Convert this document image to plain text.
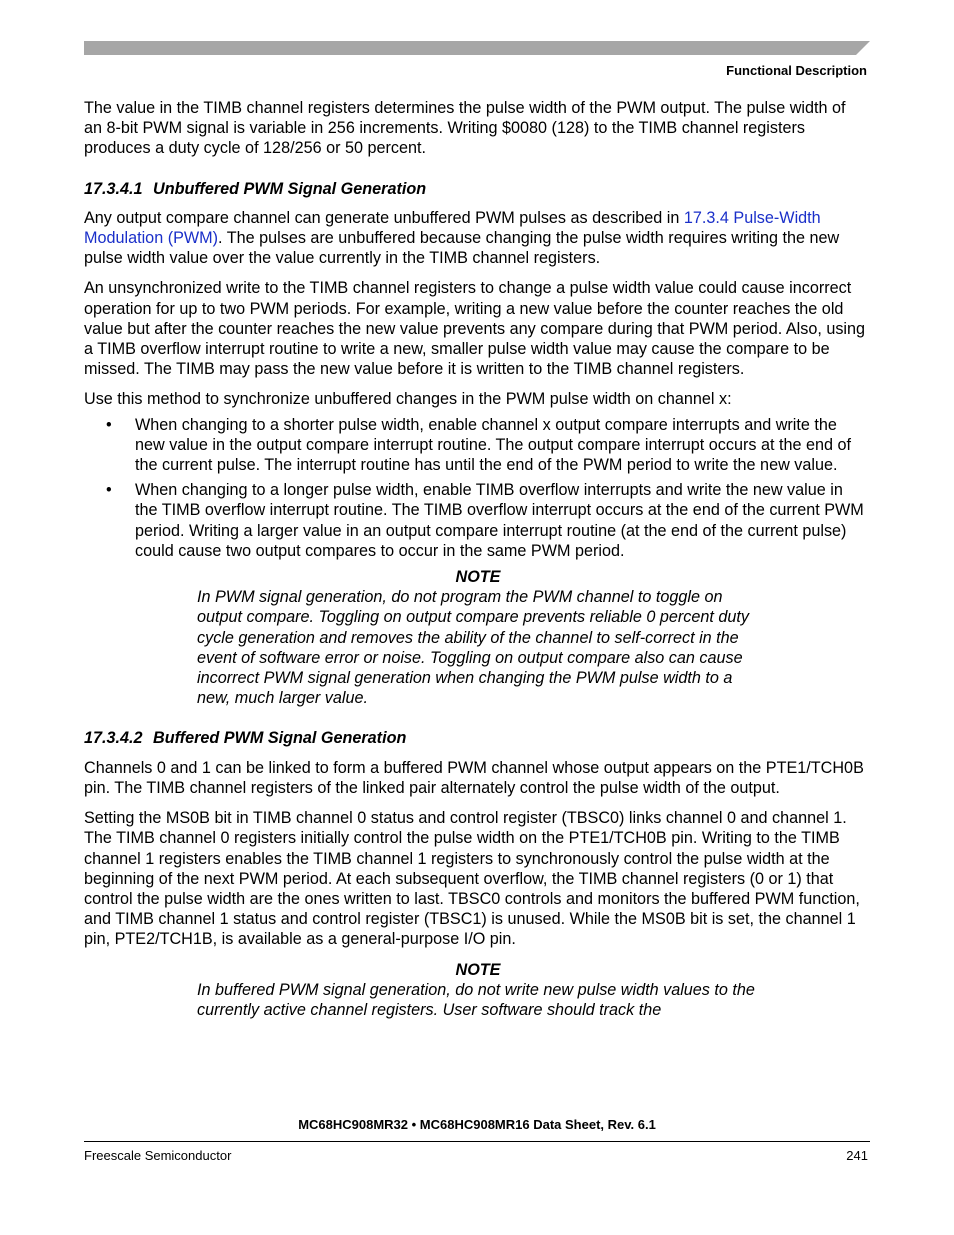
Functional Description

The value in the TIMB channel registers determines the pulse width of the PWM output. The pulse width of an 8-bit PWM signal is variable in 256 increments. Writing $0080 (128) to the TIMB channel registers produces a duty cycle of 128/256 or 50 percent.

17.3.4.1 Unbuffered PWM Signal Generation

Any output compare channel can generate unbuffered PWM pulses as described in 17.3.4 Pulse-Width Modulation (PWM). The pulses are unbuffered because changing the pulse width requires writing the new pulse width value over the value currently in the TIMB channel registers.

An unsynchronized write to the TIMB channel registers to change a pulse width value could cause incorrect operation for up to two PWM periods. For example, writing a new value before the counter reaches the old value but after the counter reaches the new value prevents any compare during that PWM period. Also, using a TIMB overflow interrupt routine to write a new, smaller pulse width value may cause the compare to be missed. The TIMB may pass the new value before it is written to the TIMB channel registers.

Use this method to synchronize unbuffered changes in the PWM pulse width on channel x:

• When changing to a shorter pulse width, enable channel x output compare interrupts and write the new value in the output compare interrupt routine. The output compare interrupt occurs at the end of the current pulse. The interrupt routine has until the end of the PWM period to write the new value.
• When changing to a longer pulse width, enable TIMB overflow interrupts and write the new value in the TIMB overflow interrupt routine. The TIMB overflow interrupt occurs at the end of the current PWM period. Writing a larger value in an output compare interrupt routine (at the end of the current pulse) could cause two output compares to occur in the same PWM period.
NOTE
In PWM signal generation, do not program the PWM channel to toggle on output compare. Toggling on output compare prevents reliable 0 percent duty cycle generation and removes the ability of the channel to self-correct in the event of software error or noise. Toggling on output compare also can cause incorrect PWM signal generation when changing the PWM pulse width to a new, much larger value.
17.3.4.2 Buffered PWM Signal Generation

Channels 0 and 1 can be linked to form a buffered PWM channel whose output appears on the PTE1/TCH0B pin. The TIMB channel registers of the linked pair alternately control the pulse width of the output.

Setting the MS0B bit in TIMB channel 0 status and control register (TBSC0) links channel 0 and channel 1. The TIMB channel 0 registers initially control the pulse width on the PTE1/TCH0B pin. Writing to the TIMB channel 1 registers enables the TIMB channel 1 registers to synchronously control the pulse width at the beginning of the next PWM period. At each subsequent overflow, the TIMB channel registers (0 or 1) that control the pulse width are the ones written to last. TBSC0 controls and monitors the buffered PWM function, and TIMB channel 1 status and control register (TBSC1) is unused. While the MS0B bit is set, the channel 1 pin, PTE2/TCH1B, is available as a general-purpose I/O pin.

NOTE
In buffered PWM signal generation, do not write new pulse width values to the currently active channel registers. User software should track the
MC68HC908MR32 • MC68HC908MR16 Data Sheet, Rev. 6.1
Freescale Semiconductor	241
